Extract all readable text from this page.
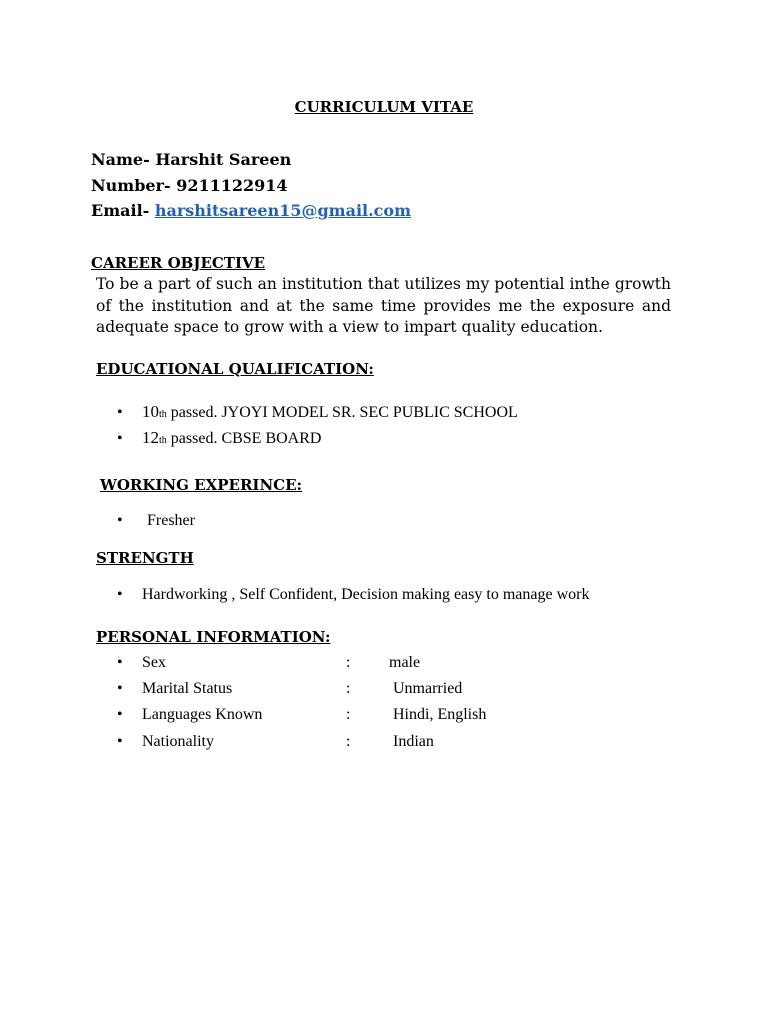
CURRICULUM VITAE
Name- Harshit Sareen
Number- 9211122914
Email- harshitsareen15@gmail.com
CAREER OBJECTIVE
To be a part of such an institution that utilizes my potential inthe growth of the institution and at the same time provides me the exposure and adequate space to grow with a view to impart quality education.
EDUCATIONAL QUALIFICATION:
• 10th passed. JYOYI MODEL SR. SEC PUBLIC SCHOOL
• 12th passed. CBSE BOARD
WORKING EXPERINCE:
• Fresher
STRENGTH
• Hardworking , Self Confident, Decision making easy to manage work
PERSONAL INFORMATION:
•	Sex	: male
•	Marital Status	:	Unmarried
•	Languages Known	:	Hindi, English
•	Nationality	:	Indian
